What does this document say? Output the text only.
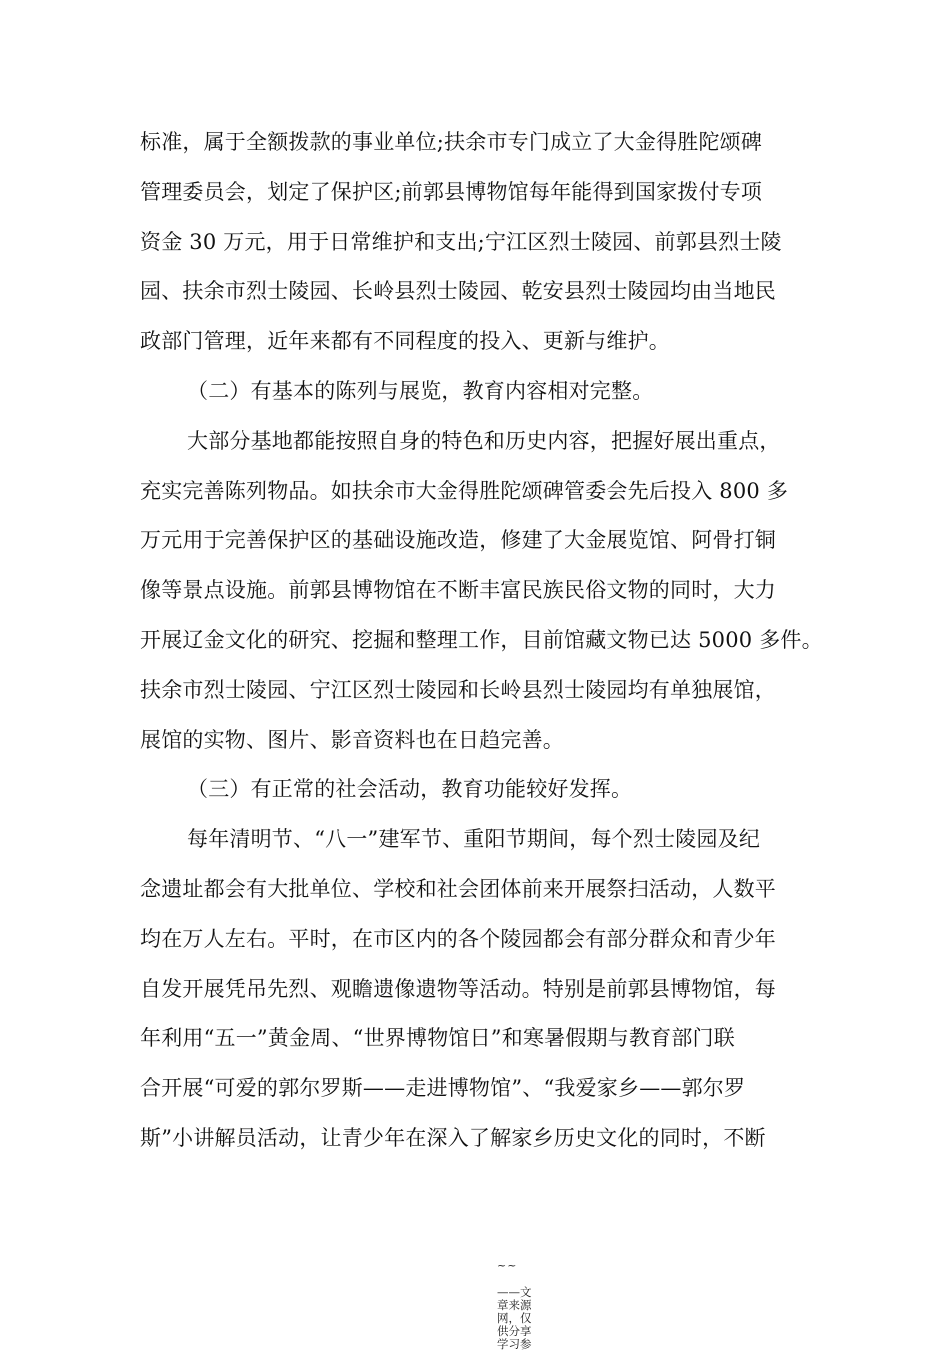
标准，属于全额拨款的事业单位;扶余市专门成立了大金得胜陀颂碑
管理委员会，划定了保护区;前郭县博物馆每年能得到国家拨付专项
资金 30 万元，用于日常维护和支出;宁江区烈士陵园、前郭县烈士陵
园、扶余市烈士陵园、长岭县烈士陵园、乾安县烈士陵园均由当地民
政部门管理，近年来都有不同程度的投入、更新与维护。
（二）有基本的陈列与展览，教育内容相对完整。
大部分基地都能按照自身的特色和历史内容，把握好展出重点，
充实完善陈列物品。如扶余市大金得胜陀颂碑管委会先后投入 800 多
万元用于完善保护区的基础设施改造，修建了大金展览馆、阿骨打铜
像等景点设施。前郭县博物馆在不断丰富民族民俗文物的同时，大力
开展辽金文化的研究、挖掘和整理工作，目前馆藏文物已达 5000 多件。
扶余市烈士陵园、宁江区烈士陵园和长岭县烈士陵园均有单独展馆，
展馆的实物、图片、影音资料也在日趋完善。
（三）有正常的社会活动，教育功能较好发挥。
每年清明节、“八一”建军节、重阳节期间，每个烈士陵园及纪
念遗址都会有大批单位、学校和社会团体前来开展祭扫活动，人数平
均在万人左右。平时，在市区内的各个陵园都会有部分群众和青少年
自发开展凭吊先烈、观瞻遗像遗物等活动。特别是前郭县博物馆，每
年利用“五一”黄金周、“世界博物馆日”和寒暑假期与教育部门联
合开展“可爱的郭尔罗斯——走进博物馆”、“我爱家乡——郭尔罗
斯”小讲解员活动，让青少年在深入了解家乡历史文化的同时，不断

~~

——文
章来源
网，仅
供分享
学习参
